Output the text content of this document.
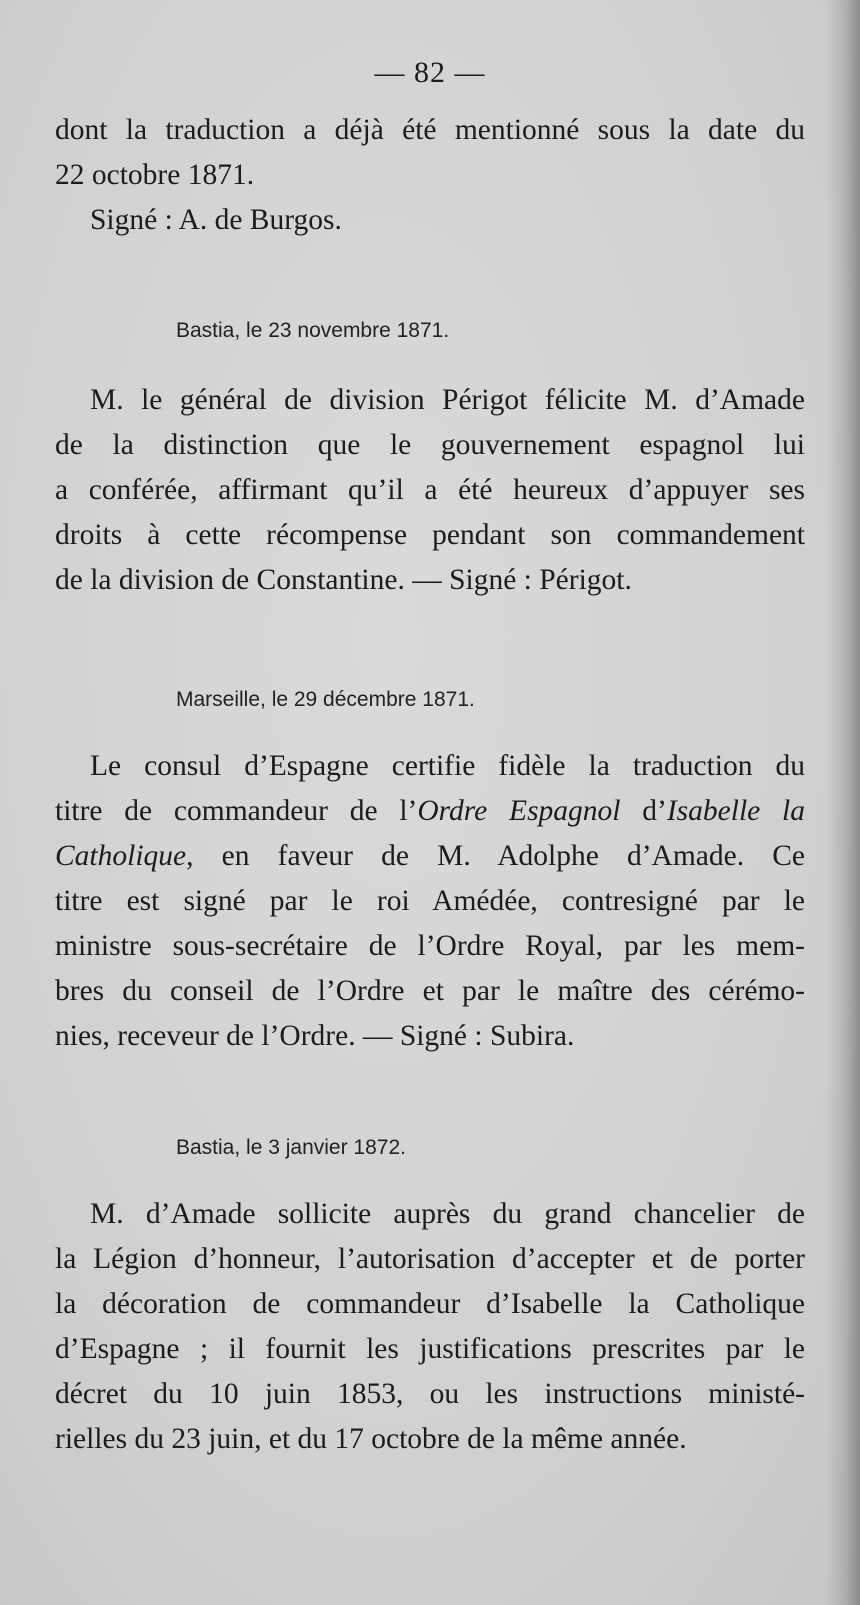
— 82 —
dont la traduction a déjà été mentionné sous la date du
22 octobre 1871.
Signé : A. de Burgos.
Bastia, le 23 novembre 1871.
M. le général de division Périgot félicite M. d’Amade
de la distinction que le gouvernement espagnol lui
a conférée, affirmant qu’il a été heureux d’appuyer ses
droits à cette récompense pendant son commandement
de la division de Constantine. — Signé : Périgot.
Marseille, le 29 décembre 1871.
Le consul d’Espagne certifie fidèle la traduction du
titre de commandeur de l’Ordre Espagnol d’Isabelle la
Catholique, en faveur de M. Adolphe d’Amade. Ce
titre est signé par le roi Amédée, contresigné par le
ministre sous-secrétaire de l’Ordre Royal, par les mem-
bres du conseil de l’Ordre et par le maître des cérémo-
nies, receveur de l’Ordre. — Signé : Subira.
Bastia, le 3 janvier 1872.
M. d’Amade sollicite auprès du grand chancelier de
la Légion d’honneur, l’autorisation d’accepter et de porter
la décoration de commandeur d’Isabelle la Catholique
d’Espagne ; il fournit les justifications prescrites par le
décret du 10 juin 1853, ou les instructions ministé-
rielles du 23 juin, et du 17 octobre de la même année.
